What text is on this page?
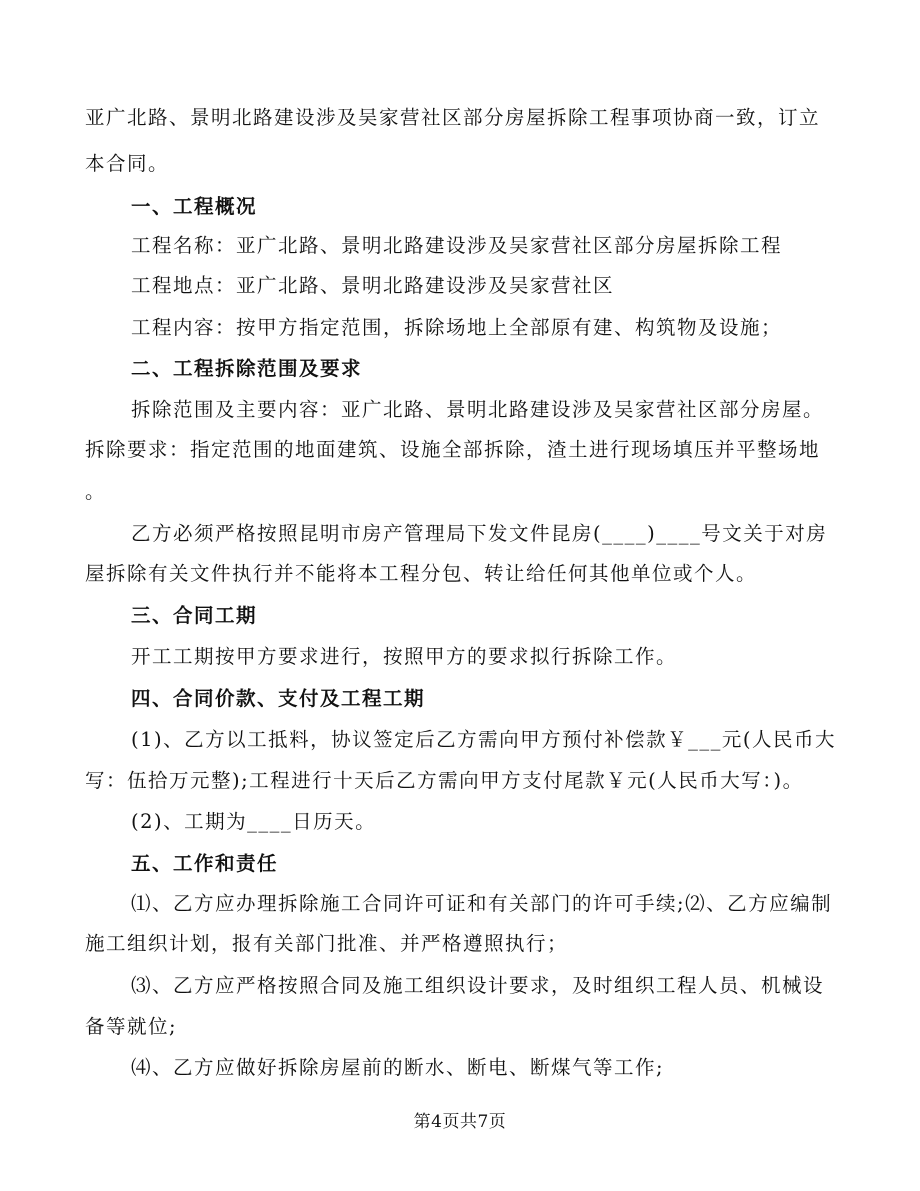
亚广北路、景明北路建设涉及吴家营社区部分房屋拆除工程事项协商一致，订立
本合同。
一、工程概况
工程名称：亚广北路、景明北路建设涉及吴家营社区部分房屋拆除工程
工程地点：亚广北路、景明北路建设涉及吴家营社区
工程内容：按甲方指定范围，拆除场地上全部原有建、构筑物及设施；
二、工程拆除范围及要求
拆除范围及主要内容：亚广北路、景明北路建设涉及吴家营社区部分房屋。
拆除要求：指定范围的地面建筑、设施全部拆除，渣土进行现场填压并平整场地
。
乙方必须严格按照昆明市房产管理局下发文件昆房(____)____号文关于对房
屋拆除有关文件执行并不能将本工程分包、转让给任何其他单位或个人。
三、合同工期
开工工期按甲方要求进行，按照甲方的要求拟行拆除工作。
四、合同价款、支付及工程工期
(1)、乙方以工抵料，协议签定后乙方需向甲方预付补偿款￥___元(人民币大
写：伍拾万元整);工程进行十天后乙方需向甲方支付尾款￥元(人民币大写：)。
(2)、工期为____日历天。
五、工作和责任
⑴、乙方应办理拆除施工合同许可证和有关部门的许可手续;⑵、乙方应编制
施工组织计划，报有关部门批准、并严格遵照执行；
⑶、乙方应严格按照合同及施工组织设计要求，及时组织工程人员、机械设
备等就位;
⑷、乙方应做好拆除房屋前的断水、断电、断煤气等工作;
第4页共7页
